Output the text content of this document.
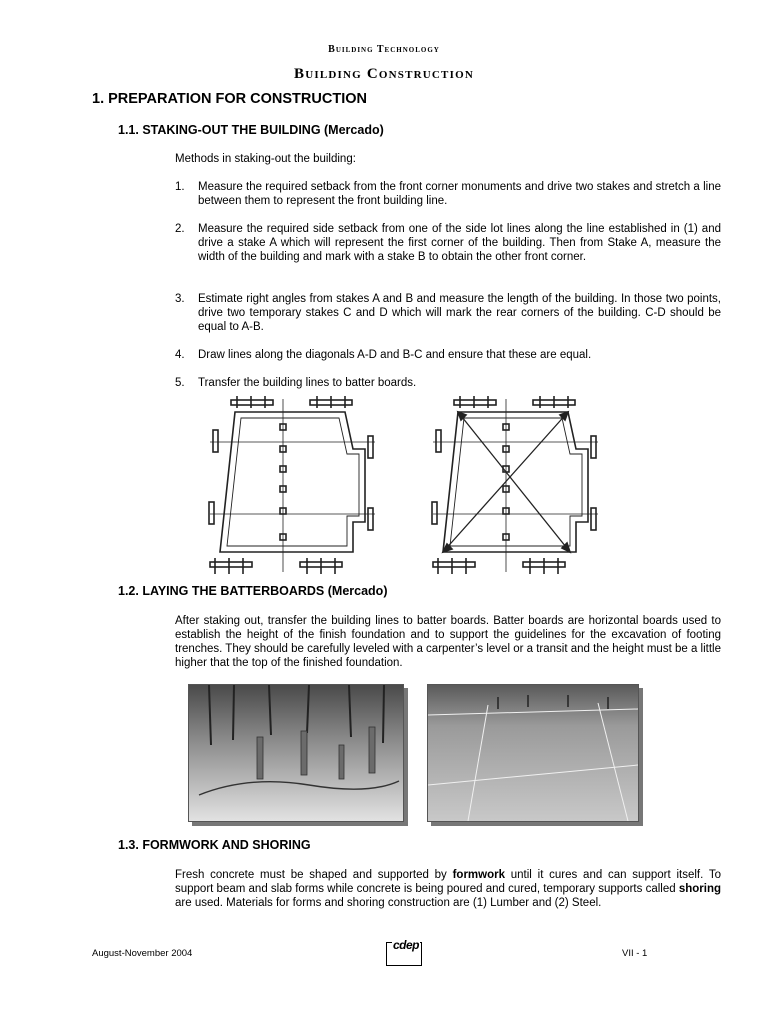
Building Technology
Building Construction
1. PREPARATION FOR CONSTRUCTION
1.1. STAKING-OUT THE BUILDING (Mercado)
Methods in staking-out the building:
1. Measure the required setback from the front corner monuments and drive two stakes and stretch a line between them to represent the front building line.
2. Measure the required side setback from one of the side lot lines along the line established in (1) and drive a stake A which will represent the first corner of the building. Then from Stake A, measure the width of the building and mark with a stake B to obtain the other front corner.
3. Estimate right angles from stakes A and B and measure the length of the building. In those two points, drive two temporary stakes C and D which will mark the rear corners of the building. C-D should be equal to A-B.
4. Draw lines along the diagonals A-D and B-C and ensure that these are equal.
5. Transfer the building lines to batter boards.
1.2. LAYING THE BATTERBOARDS (Mercado)
After staking out, transfer the building lines to batter boards. Batter boards are horizontal boards used to establish the height of the finish foundation and to support the guidelines for the excavation of footing trenches. They should be carefully leveled with a carpenter’s level or a transit and the height must be a little higher that the top of the finished foundation.
1.3. FORMWORK AND SHORING
Fresh concrete must be shaped and supported by formwork until it cures and can support itself. To support beam and slab forms while concrete is being poured and cured, temporary supports called shoring are used. Materials for forms and shoring construction are (1) Lumber and (2) Steel.
August-November 2004
cdep
VII - 1
